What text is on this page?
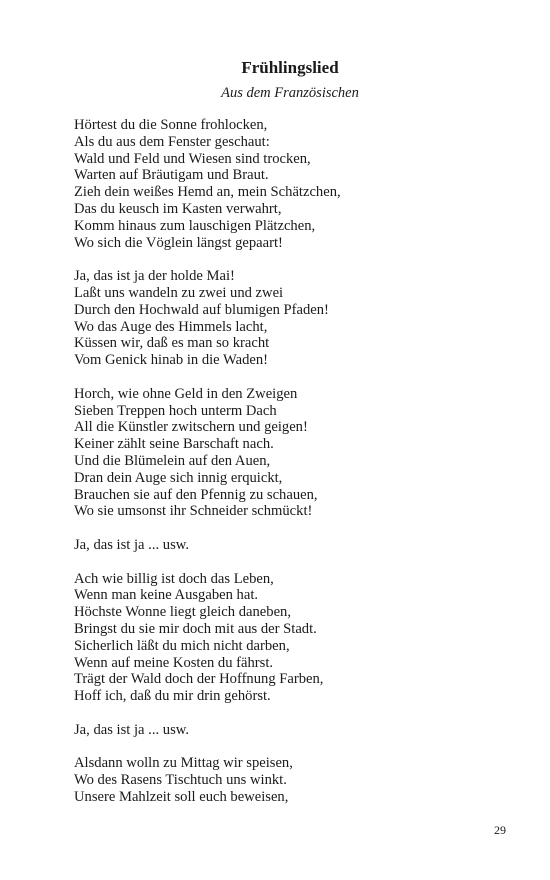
Frühlingslied

Aus dem Französischen

Hörtest du die Sonne frohlocken,
Als du aus dem Fenster geschaut:
Wald und Feld und Wiesen sind trocken,
Warten auf Bräutigam und Braut.
Zieh dein weißes Hemd an, mein Schätzchen,
Das du keusch im Kasten verwahrt,
Komm hinaus zum lauschigen Plätzchen,
Wo sich die Vöglein längst gepaart!
Ja, das ist ja der holde Mai!
Laßt uns wandeln zu zwei und zwei
Durch den Hochwald auf blumigen Pfaden!
Wo das Auge des Himmels lacht,
Küssen wir, daß es man so kracht
Vom Genick hinab in die Waden!
Horch, wie ohne Geld in den Zweigen
Sieben Treppen hoch unterm Dach
All die Künstler zwitschern und geigen!
Keiner zählt seine Barschaft nach.
Und die Blümelein auf den Auen,
Dran dein Auge sich innig erquickt,
Brauchen sie auf den Pfennig zu schauen,
Wo sie umsonst ihr Schneider schmückt!
Ja, das ist ja ... usw.
Ach wie billig ist doch das Leben,
Wenn man keine Ausgaben hat.
Höchste Wonne liegt gleich daneben,
Bringst du sie mir doch mit aus der Stadt.
Sicherlich läßt du mich nicht darben,
Wenn auf meine Kosten du fährst.
Trägt der Wald doch der Hoffnung Farben,
Hoff ich, daß du mir drin gehörst.
Ja, das ist ja ... usw.
Alsdann wolln zu Mittag wir speisen,
Wo des Rasens Tischtuch uns winkt.
Unsere Mahlzeit soll euch beweisen,
29
